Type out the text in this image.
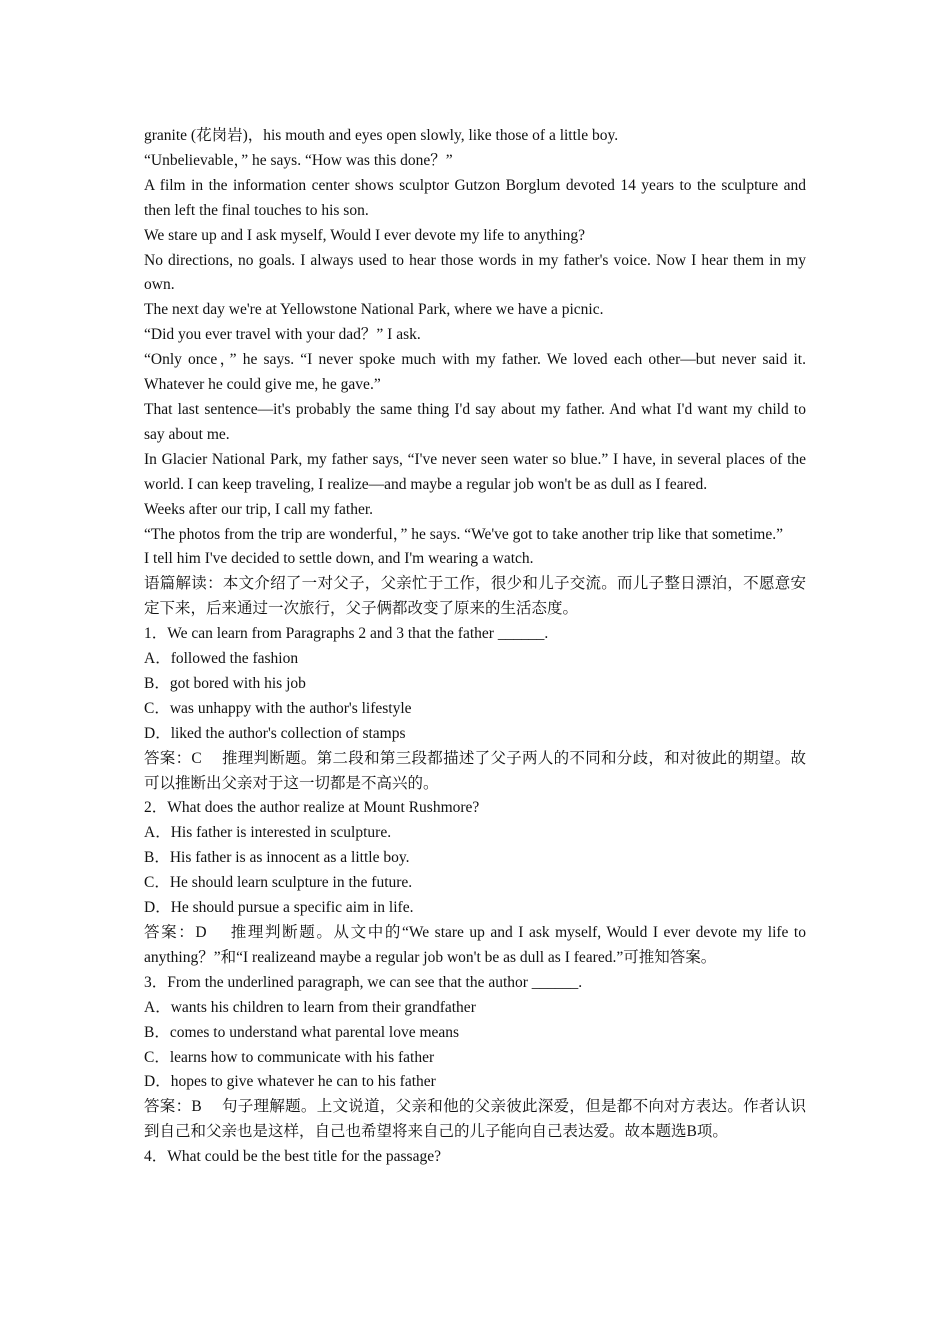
granite (花岗岩)，his mouth and eyes open slowly, like those of a little boy.

“Unbelievable，” he says. “How was this done？”

A film in the information center shows sculptor Gutzon Borglum devoted 14 years to the sculpture and then left the final touches to his son.

We stare up and I ask myself, Would I ever devote my life to anything?

No directions, no goals. I always used to hear those words in my father's voice. Now I hear them in my own.

The next day we're at Yellowstone National Park, where we have a picnic.

“Did you ever travel with your dad？” I ask.

“Only once，” he says. “I never spoke much with my father. We loved each other—but never said it. Whatever he could give me, he gave.”

That last sentence—it's probably the same thing I'd say about my father. And what I'd want my child to say about me.

In Glacier National Park, my father says, “I've never seen water so blue.” I have, in several places of the world. I can keep traveling, I realize—and maybe a regular job won't be as dull as I feared.

Weeks after our trip, I call my father.

“The photos from the trip are wonderful，” he says. “We've got to take another trip like that sometime.”

I tell him I've decided to settle down, and I'm wearing a watch.

语篇解读：本文介绍了一对父子，父亲忙于工作，很少和儿子交流。而儿子整日漂泊，不愿意安定下来，后来通过一次旅行，父子俩都改变了原来的生活态度。

1．We can learn from Paragraphs 2 and 3 that the father ______.

A．followed the fashion

B．got bored with his job

C．was unhappy with the author's lifestyle

D．liked the author's collection of stamps

答案：C　 推理判断题。第二段和第三段都描述了父子两人的不同和分歧，和对彼此的期望。故可以推断出父亲对于这一切都是不高兴的。

2．What does the author realize at Mount Rushmore?

A．His father is interested in sculpture.

B．His father is as innocent as a little boy.

C．He should learn sculpture in the future.

D．He should pursue a specific aim in life.

答案：D　 推理判断题。从文中的“We stare up and I ask myself, Would I ever devote my life to anything？”和“I realizeand maybe a regular job won't be as dull as I feared.”可推知答案。

3．From the underlined paragraph, we can see that the author ______.

A．wants his children to learn from their grandfather

B．comes to understand what parental love means

C．learns how to communicate with his father

D．hopes to give whatever he can to his father

答案：B　 句子理解题。上文说道，父亲和他的父亲彼此深爱，但是都不向对方表达。作者认识到自己和父亲也是这样，自己也希望将来自己的儿子能向自己表达爱。故本题选B项。

4．What could be the best title for the passage?
